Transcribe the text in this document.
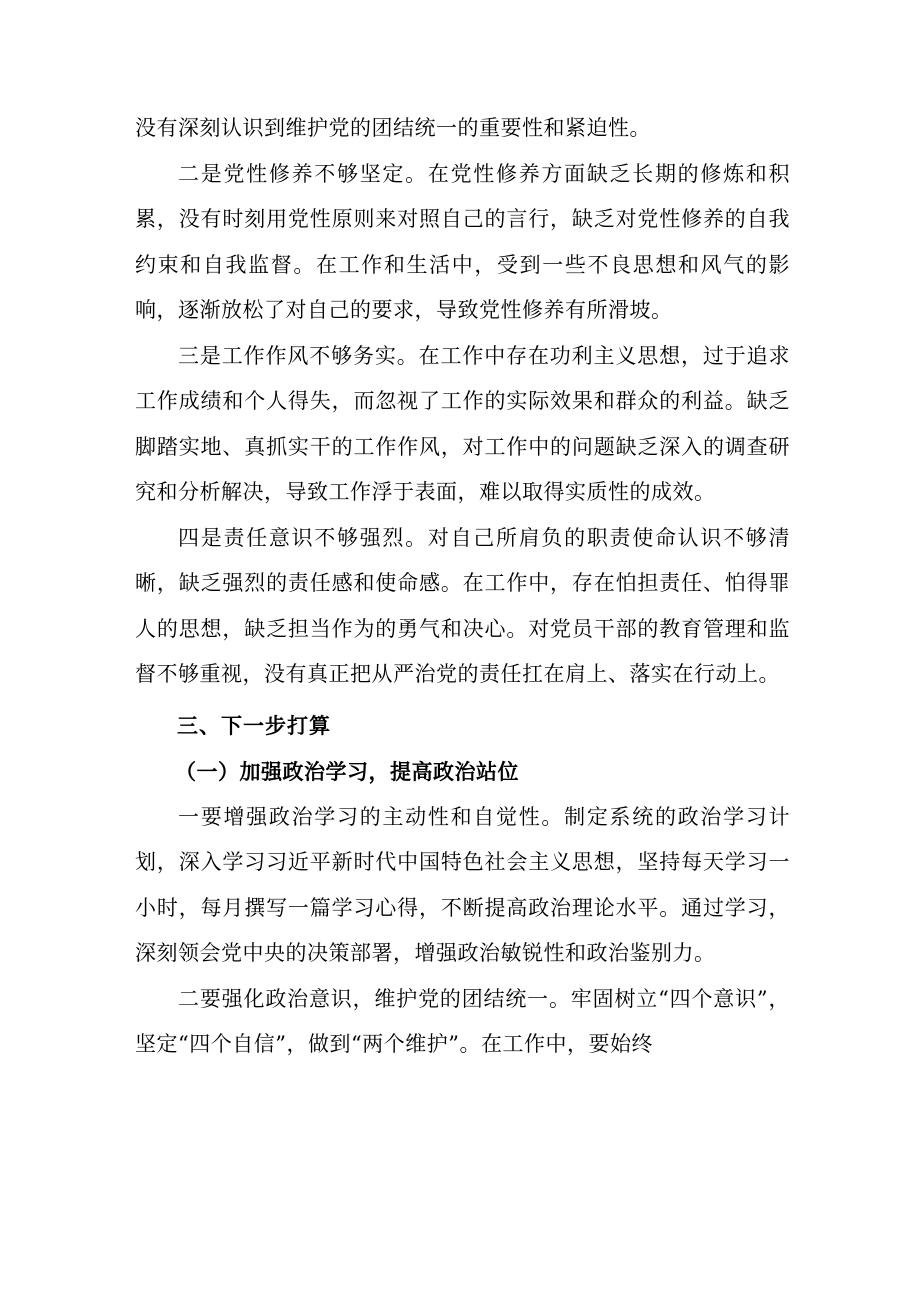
没有深刻认识到维护党的团结统一的重要性和紧迫性。

二是党性修养不够坚定。在党性修养方面缺乏长期的修炼和积累，没有时刻用党性原则来对照自己的言行，缺乏对党性修养的自我约束和自我监督。在工作和生活中，受到一些不良思想和风气的影响，逐渐放松了对自己的要求，导致党性修养有所滑坡。

三是工作作风不够务实。在工作中存在功利主义思想，过于追求工作成绩和个人得失，而忽视了工作的实际效果和群众的利益。缺乏脚踏实地、真抓实干的工作作风，对工作中的问题缺乏深入的调查研究和分析解决，导致工作浮于表面，难以取得实质性的成效。

四是责任意识不够强烈。对自己所肩负的职责使命认识不够清晰，缺乏强烈的责任感和使命感。在工作中，存在怕担责任、怕得罪人的思想，缺乏担当作为的勇气和决心。对党员干部的教育管理和监督不够重视，没有真正把从严治党的责任扛在肩上、落实在行动上。

三、下一步打算
（一）加强政治学习，提高政治站位

一要增强政治学习的主动性和自觉性。制定系统的政治学习计划，深入学习习近平新时代中国特色社会主义思想，坚持每天学习一小时，每月撰写一篇学习心得，不断提高政治理论水平。通过学习，深刻领会党中央的决策部署，增强政治敏锐性和政治鉴别力。

二要强化政治意识，维护党的团结统一。牢固树立“四个意识”，坚定“四个自信”，做到“两个维护”。在工作中，要始终
